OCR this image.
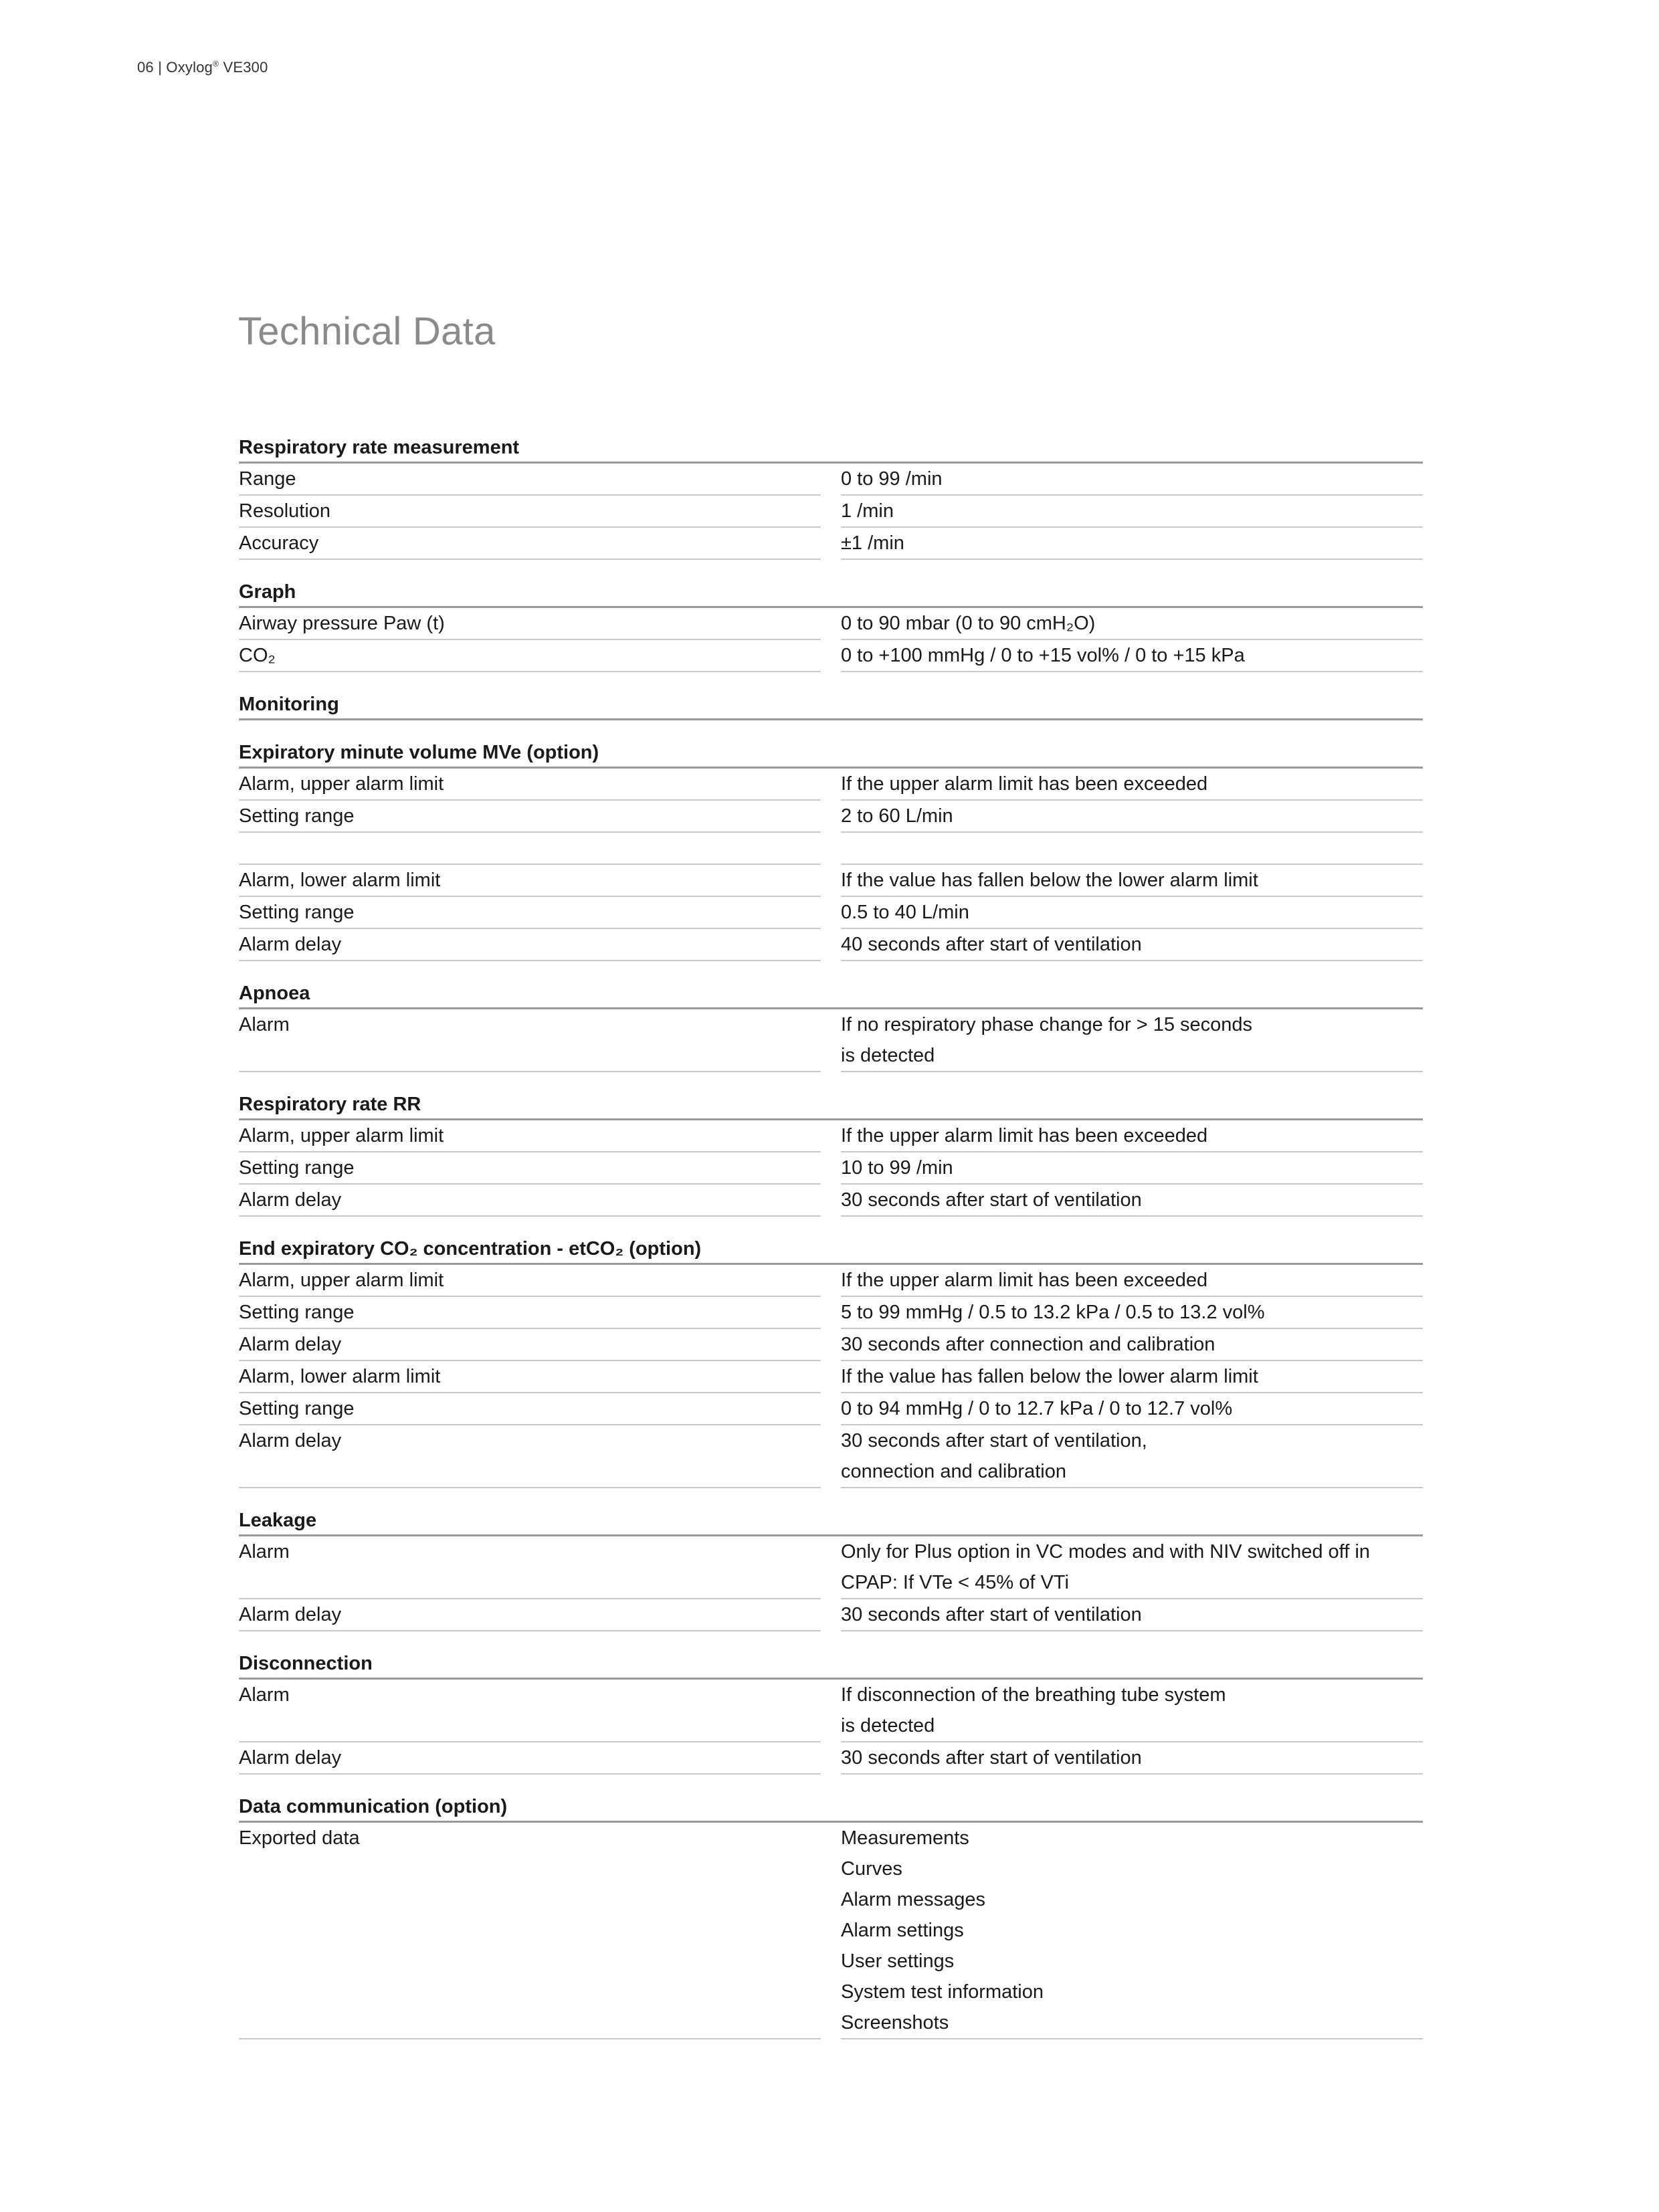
06 | Oxylog® VE300
Technical Data
Respiratory rate measurement
Range	0 to 99 /min
Resolution	1 /min
Accuracy	±1 /min
Graph
Airway pressure Paw (t)	0 to 90 mbar (0 to 90 cmH₂O)
CO₂	0 to +100 mmHg / 0 to +15 vol% / 0 to +15 kPa
Monitoring
Expiratory minute volume MVe (option)
Alarm, upper alarm limit	If the upper alarm limit has been exceeded
Setting range	2 to 60 L/min
Alarm, lower alarm limit	If the value has fallen below the lower alarm limit
Setting range	0.5 to 40 L/min
Alarm delay	40 seconds after start of ventilation
Apnoea
Alarm
	If no respiratory phase change for > 15 seconds
is detected
Respiratory rate RR
Alarm, upper alarm limit	If the upper alarm limit has been exceeded
Setting range	10 to 99 /min
Alarm delay	30 seconds after start of ventilation
End expiratory CO₂ concentration - etCO₂ (option)
Alarm, upper alarm limit	If the upper alarm limit has been exceeded
Setting range	5 to 99 mmHg / 0.5 to 13.2 kPa / 0.5 to 13.2 vol%
Alarm delay	30 seconds after connection and calibration
Alarm, lower alarm limit	If the value has fallen below the lower alarm limit
Setting range	0 to 94 mmHg / 0 to 12.7 kPa / 0 to 12.7 vol%
Alarm delay
	30 seconds after start of ventilation,
connection and calibration
Leakage
Alarm
	Only for Plus option in VC modes and with NIV switched off in
CPAP: If VTe < 45% of VTi
Alarm delay	30 seconds after start of ventilation
Disconnection
Alarm
	If disconnection of the breathing tube system
is detected
Alarm delay	30 seconds after start of ventilation
Data communication (option)
Exported data

	Measurements
Curves
Alarm messages
Alarm settings
User settings
System test information
Screenshots
